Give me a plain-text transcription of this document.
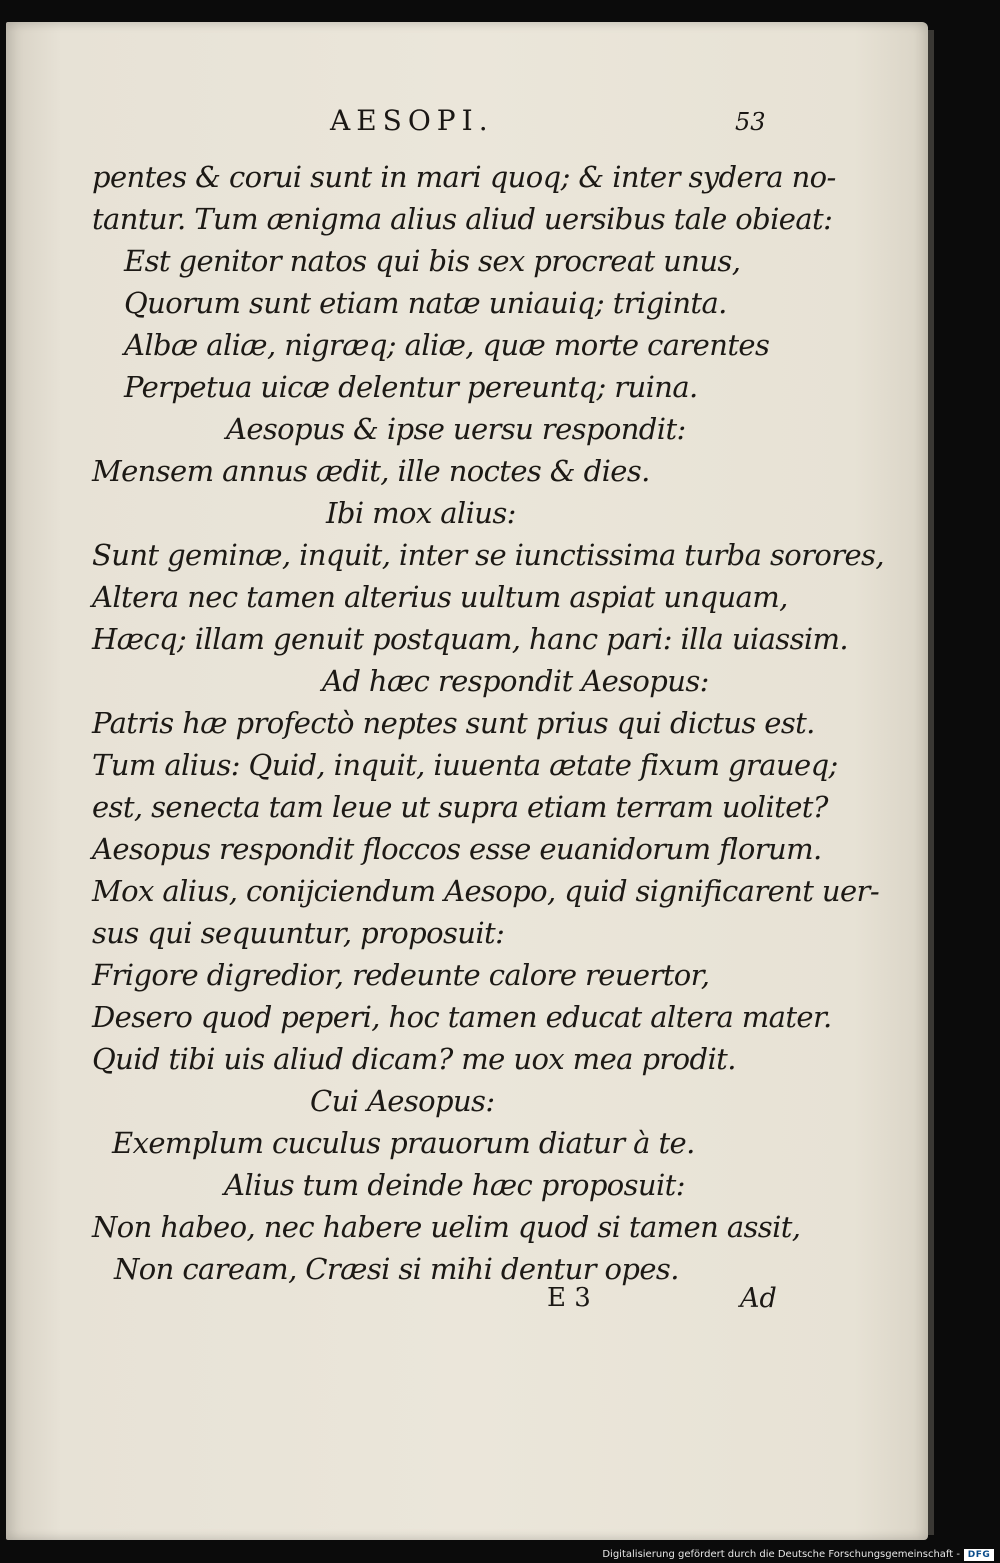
AESOPI.	53
pentes & corui sunt in mari quoq; & inter sydera no-
tantur. Tum ænigma alius aliud uersibus tale obieat:
Est genitor natos qui bis sex procreat unus,
Quorum sunt etiam natæ uniauiq; triginta.
Albæ aliæ, nigræq; aliæ, quæ morte carentes
Perpetua uicæ delentur pereuntq; ruina.
Aesopus & ipse uersu respondit:
Mensem annus ædit, ille noctes & dies.
Ibi mox alius:
Sunt geminæ, inquit, inter se iunctissima turba sorores,
Altera nec tamen alterius uultum aspiat unquam,
Hæcq; illam genuit postquam, hanc pari: illa uiassim.
Ad hæc respondit Aesopus:
Patris hæ profectò neptes sunt prius qui dictus est.
Tum alius: Quid, inquit, iuuenta ætate fixum graueq;
est, senecta tam leue ut supra etiam terram uolitet?
Aesopus respondit floccos esse euanidorum florum.
Mox alius, conijciendum Aesopo, quid significarent uer-
sus qui sequuntur, proposuit:
Frigore digredior, redeunte calore reuertor,
Desero quod peperi, hoc tamen educat altera mater.
Quid tibi uis aliud dicam? me uox mea prodit.
Cui Aesopus:
Exemplum cuculus prauorum diatur à te.
Alius tum deinde hæc proposuit:
Non habeo, nec habere uelim quod si tamen assit,
Non caream, Cræsi si mihi dentur opes.
E 3	Ad
Digitalisierung gefördert durch die Deutsche Forschungsgemeinschaft - DFG
